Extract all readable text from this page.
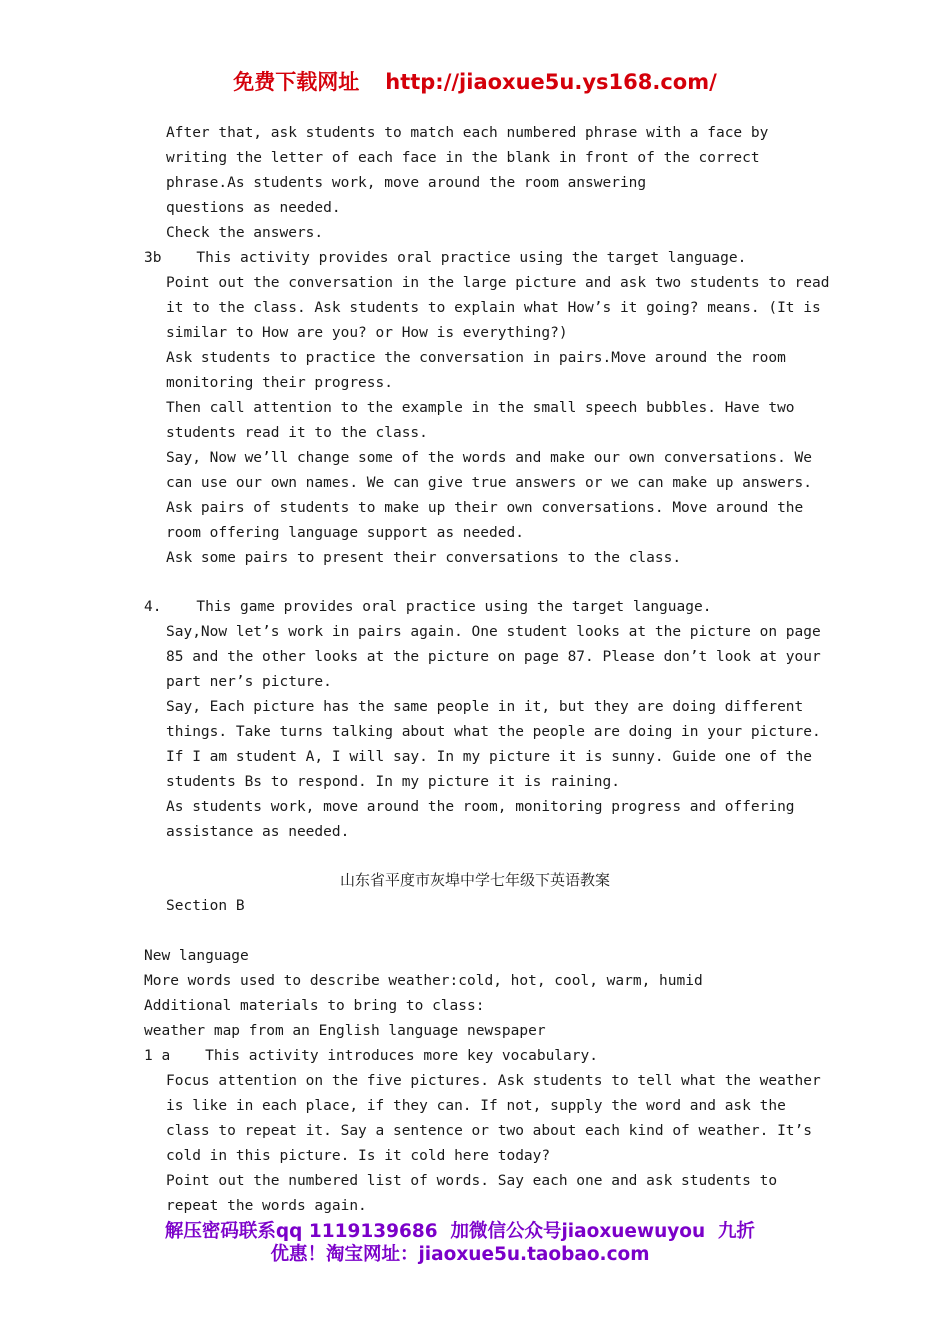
免费下载网址 http://jiaoxue5u.ys168.com/
After that, ask students to match each numbered phrase with a face by
writing the letter of each face in the blank in front of the correct
phrase.As students work, move around the room answering
questions as needed.
Check the answers.
3b    This activity provides oral practice using the target language.
Point out the conversation in the large picture and ask two students to read
it to the class. Ask students to explain what How’s it going? means. (It is
similar to How are you? or How is everything?)
Ask students to practice the conversation in pairs.Move around the room
monitoring their progress.
Then call attention to the example in the small speech bubbles. Have two
students read it to the class.
Say, Now we’ll change some of the words and make our own conversations. We
can use our own names. We can give true answers or we can make up answers.
Ask pairs of students to make up their own conversations. Move around the
room offering language support as needed.
Ask some pairs to present their conversations to the class.
4.    This game provides oral practice using the target language.
Say,Now let’s work in pairs again. One student looks at the picture on page
85 and the other looks at the picture on page 87. Please don’t look at your
part ner’s picture.
Say, Each picture has the same people in it, but they are doing different
things. Take turns talking about what the people are doing in your picture.
If I am student A, I will say. In my picture it is sunny. Guide one of the
students Bs to respond. In my picture it is raining.
As students work, move around the room, monitoring progress and offering
assistance as needed.
山东省平度市灰埠中学七年级下英语教案
Section B
New language
More words used to describe weather:cold, hot, cool, warm, humid
Additional materials to bring to class:
weather map from an English language newspaper
1 a    This activity introduces more key vocabulary.
Focus attention on the five pictures. Ask students to tell what the weather
is like in each place, if they can. If not, supply the word and ask the
class to repeat it. Say a sentence or two about each kind of weather. It’s
cold in this picture. Is it cold here today?
Point out the numbered list of words. Say each one and ask students to
repeat the words again.
解压密码联系qq 1119139686  加微信公众号jiaoxuewuyou  九折
优惠！淘宝网址：jiaoxue5u.taobao.com
